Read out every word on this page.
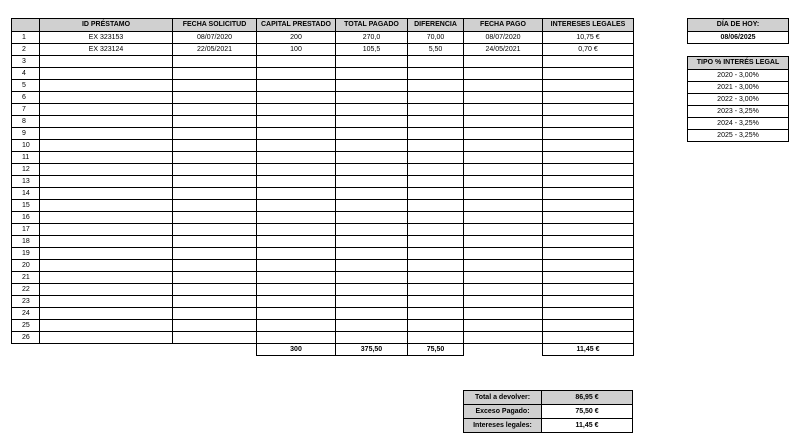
	ID PRÉSTAMO	FECHA SOLICITUD	CAPITAL PRESTADO	TOTAL PAGADO	DIFERENCIA	FECHA PAGO	INTERESES LEGALES
1	EX 323153	08/07/2020	200	270,0	70,00	08/07/2020	10,75 €
2	EX 323124	22/05/2021	100	105,5	5,50	24/05/2021	0,70 €
3							
4							
5							
6							
7							
8							
9							
10							
11							
12							
13							
14							
15							
16							
17							
18							
19							
20							
21							
22							
23							
24							
25							
26							
			300	375,50	75,50		11,45 €
DÍA DE HOY:
08/06/2025
TIPO % INTERÉS LEGAL
2020 - 3,00%
2021 - 3,00%
2022 - 3,00%
2023 - 3,25%
2024 - 3,25%
2025 - 3,25%
Total a devolver:	86,95 €
Exceso Pagado:	75,50 €
Intereses legales:	11,45 €
